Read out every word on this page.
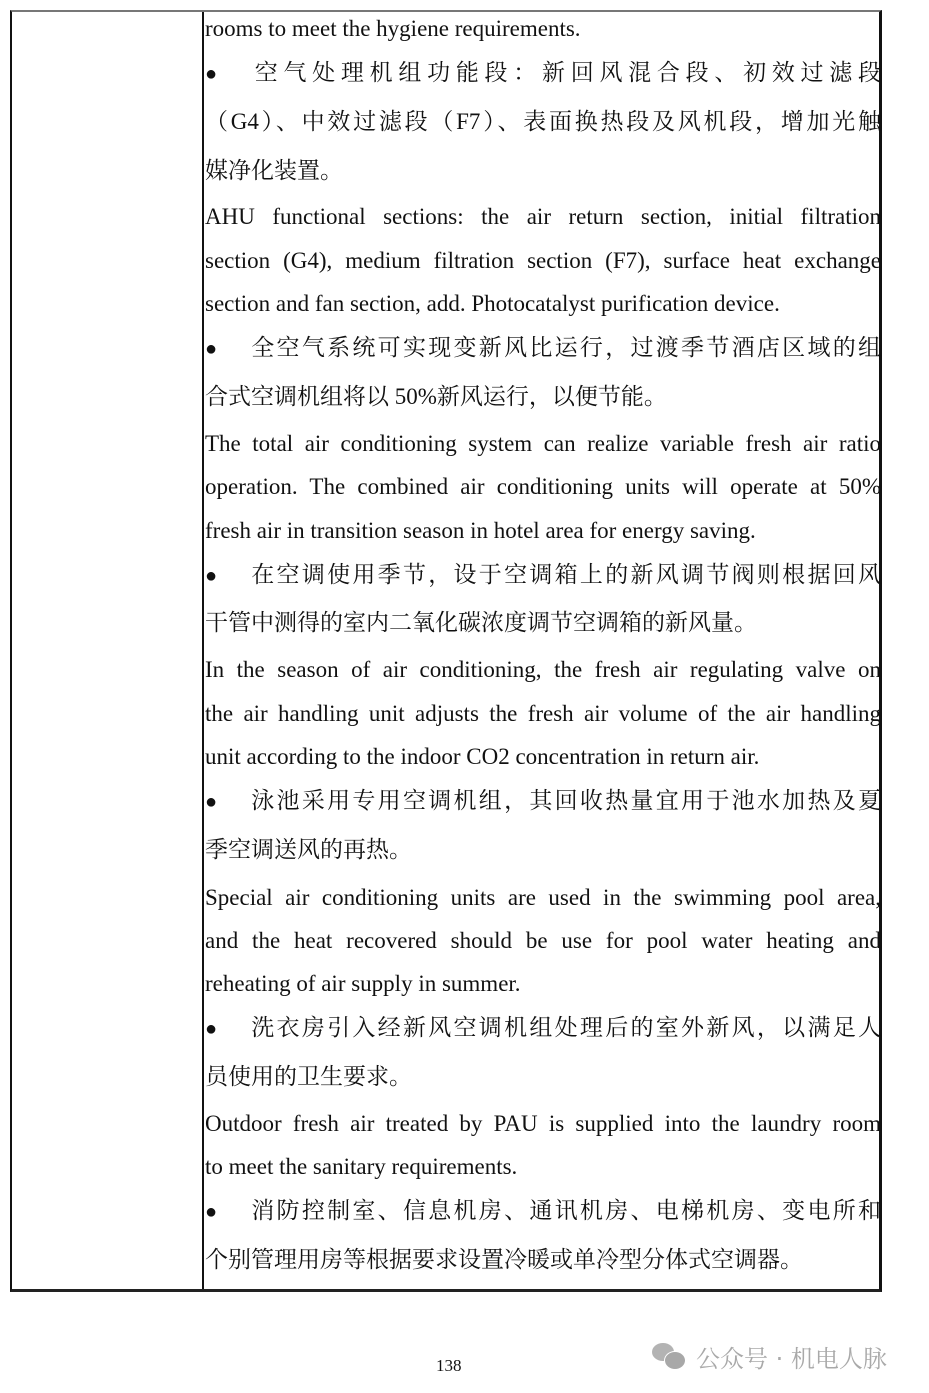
rooms to meet the hygiene requirements.
● 空气处理机组功能段：新回风混合段、初效过滤段
（G4）、中效过滤段（F7）、表面换热段及风机段，增加光触
媒净化装置。
AHU functional sections: the air return section, initial filtration
section (G4), medium filtration section (F7), surface heat exchange
section and fan section, add. Photocatalyst purification device.
● 全空气系统可实现变新风比运行，过渡季节酒店区域的组
合式空调机组将以 50%新风运行，以便节能。
The total air conditioning system can realize variable fresh air ratio
operation. The combined air conditioning units will operate at 50%
fresh air in transition season in hotel area for energy saving.
● 在空调使用季节，设于空调箱上的新风调节阀则根据回风
干管中测得的室内二氧化碳浓度调节空调箱的新风量。
In the season of air conditioning, the fresh air regulating valve on
the air handling unit adjusts the fresh air volume of the air handling
unit according to the indoor CO2 concentration in return air.
● 泳池采用专用空调机组，其回收热量宜用于池水加热及夏
季空调送风的再热。
Special air conditioning units are used in the swimming pool area,
and the heat recovered should be use for pool water heating and
reheating of air supply in summer.
● 洗衣房引入经新风空调机组处理后的室外新风，以满足人
员使用的卫生要求。
Outdoor fresh air treated by PAU is supplied into the laundry room
to meet the sanitary requirements.
● 消防控制室、信息机房、通讯机房、电梯机房、变电所和
个别管理用房等根据要求设置冷暖或单冷型分体式空调器。
138	公众号 · 机电人脉
